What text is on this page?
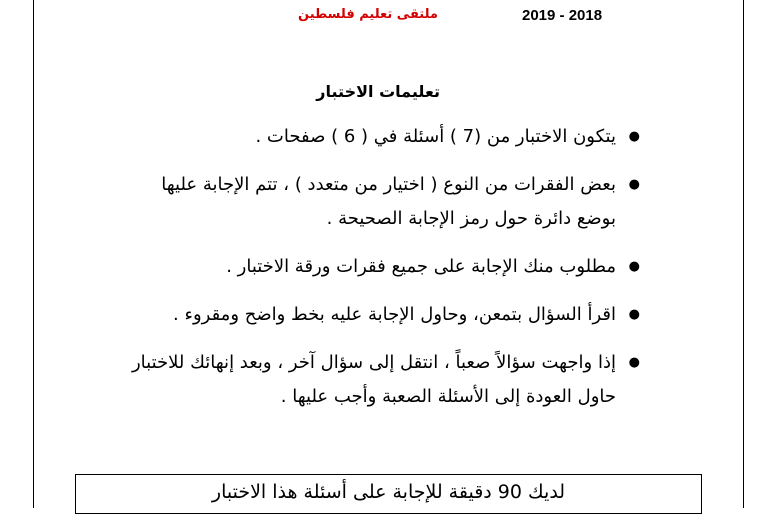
2019 - 2018
ملتقى تعليم فلسطين
تعليمات الاختبار
●
يتكون الاختبار من (7 ) أسئلة في ( 6 ) صفحات .
●
بعض الفقرات من النوع ( اختيار من متعدد ) ، تتم الإجابة عليها بوضع دائرة حول رمز الإجابة الصحيحة .
●
مطلوب منك الإجابة على جميع فقرات ورقة الاختبار .
●
اقرأ السؤال بتمعن، وحاول الإجابة عليه بخط واضح ومقروء .
●
إذا واجهت سؤالاً صعباً ، انتقل إلى سؤال آخر ، وبعد إنهائك للاختبار حاول العودة إلى الأسئلة الصعبة وأجب عليها .
لديك 90 دقيقة للإجابة على أسئلة هذا الاختبار
